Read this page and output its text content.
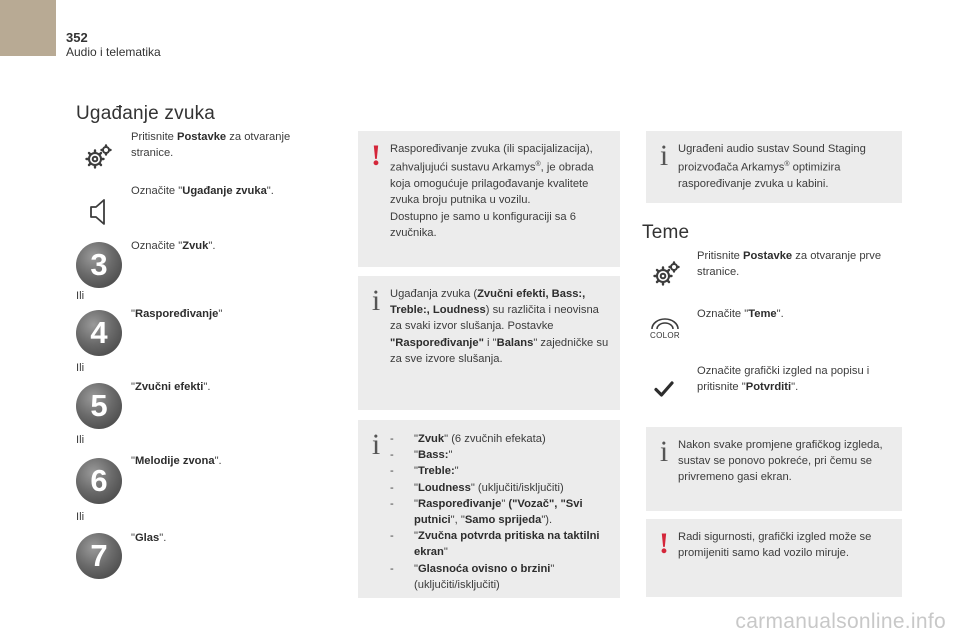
352
Audio i telematika
Ugađanje zvuka
Pritisnite Postavke za otvaranje stranice.
Označite "Ugađanje zvuka".
3
Označite "Zvuk".
Ili
4
"Raspoređivanje"
Ili
5
"Zvučni efekti".
Ili
6
"Melodije zvona".
Ili
7	"Glas".
! Raspoređivanje zvuka (ili spacijalizacija), zahvaljujući sustavu Arkamys®, je obrada koja omogućuje prilagođavanje kvalitete zvuka broju putnika u vozilu.
Dostupno je samo u konfiguraciji sa 6 zvučnika.
i Ugađanja zvuka (Zvučni efekti, Bass:, Treble:, Loudness) su različita i neovisna za svaki izvor slušanja. Postavke "Raspoređivanje" i "Balans" zajedničke su za sve izvore slušanja.
i
-	"Zvuk" (6 zvučnih efekata)
- "Bass:"
- "Treble:"
- "Loudness" (uključiti/isključiti)
- "Raspoređivanje" ("Vozač", "Svi putnici", "Samo sprijeda").
- "Zvučna potvrda pritiska na taktilni ekran"
- "Glasnoća ovisno o brzini" (uključiti/isključiti)
i Ugrađeni audio sustav Sound Staging proizvođača Arkamys® optimizira raspoređivanje zvuka u kabini.
Teme
Pritisnite Postavke za otvaranje prve stranice.
COLOR
Označite "Teme".
Označite grafički izgled na popisu i pritisnite "Potvrditi".
i Nakon svake promjene grafičkog izgleda, sustav se ponovo pokreće, pri čemu se privremeno gasi ekran.
! Radi sigurnosti, grafički izgled može se promijeniti samo kad vozilo miruje.
carmanualsonline.info
